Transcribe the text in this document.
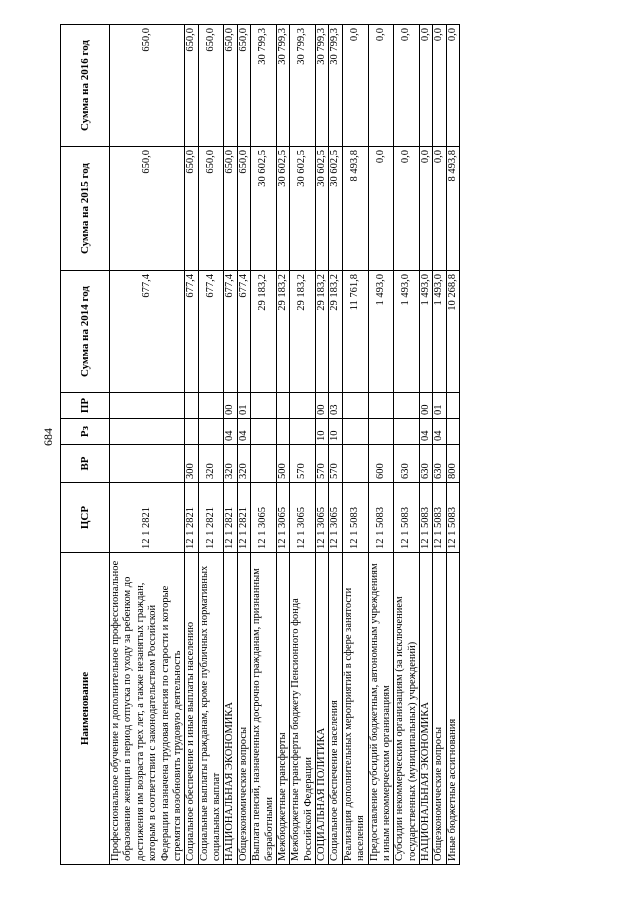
684
Наименование	ЦСР	ВР	Рз	ПР	Сумма на 2014 год	Сумма на 2015 год	Сумма на 2016 год
Профессиональное обучение и дополнительное профессиональное образование женщин в период отпуска по уходу за ребенком до достижения им возраста трех лет, а также незанятых граждан, которым в соответствии с законодательством Российской Федерации назначена трудовая пенсия по старости и которые стремятся возобновить трудовую деятельность	12 1 2821				677,4	650,0	650,0
Социальное обеспечение и иные выплаты населению	12 1 2821	300			677,4	650,0	650,0
Социальные выплаты гражданам, кроме публичных нормативных социальных выплат	12 1 2821	320			677,4	650,0	650,0
НАЦИОНАЛЬНАЯ ЭКОНОМИКА	12 1 2821	320	04	00	677,4	650,0	650,0
Общеэкономические вопросы	12 1 2821	320	04	01	677,4	650,0	650,0
Выплата пенсий, назначенных досрочно гражданам, признанным безработными	12 1 3065				29 183,2	30 602,5	30 799,3
Межбюджетные трансферты	12 1 3065	500			29 183,2	30 602,5	30 799,3
Межбюджетные трансферты бюджету Пенсионного фонда Российской Федерации	12 1 3065	570			29 183,2	30 602,5	30 799,3
СОЦИАЛЬНАЯ ПОЛИТИКА	12 1 3065	570	10	00	29 183,2	30 602,5	30 799,3
Социальное обеспечение населения	12 1 3065	570	10	03	29 183,2	30 602,5	30 799,3
Реализация дополнительных мероприятий в сфере занятости населения	12 1 5083				11 761,8	8 493,8	0,0
Предоставление субсидий бюджетным, автономным учреждениям и иным некоммерческим организациям	12 1 5083	600			1 493,0	0,0	0,0
Субсидии некоммерческим организациям (за исключением государственных (муниципальных) учреждений)	12 1 5083	630			1 493,0	0,0	0,0
НАЦИОНАЛЬНАЯ ЭКОНОМИКА	12 1 5083	630	04	00	1 493,0	0,0	0,0
Общеэкономические вопросы	12 1 5083	630	04	01	1 493,0	0,0	0,0
Иные бюджетные ассигнования	12 1 5083	800			10 268,8	8 493,8	0,0
